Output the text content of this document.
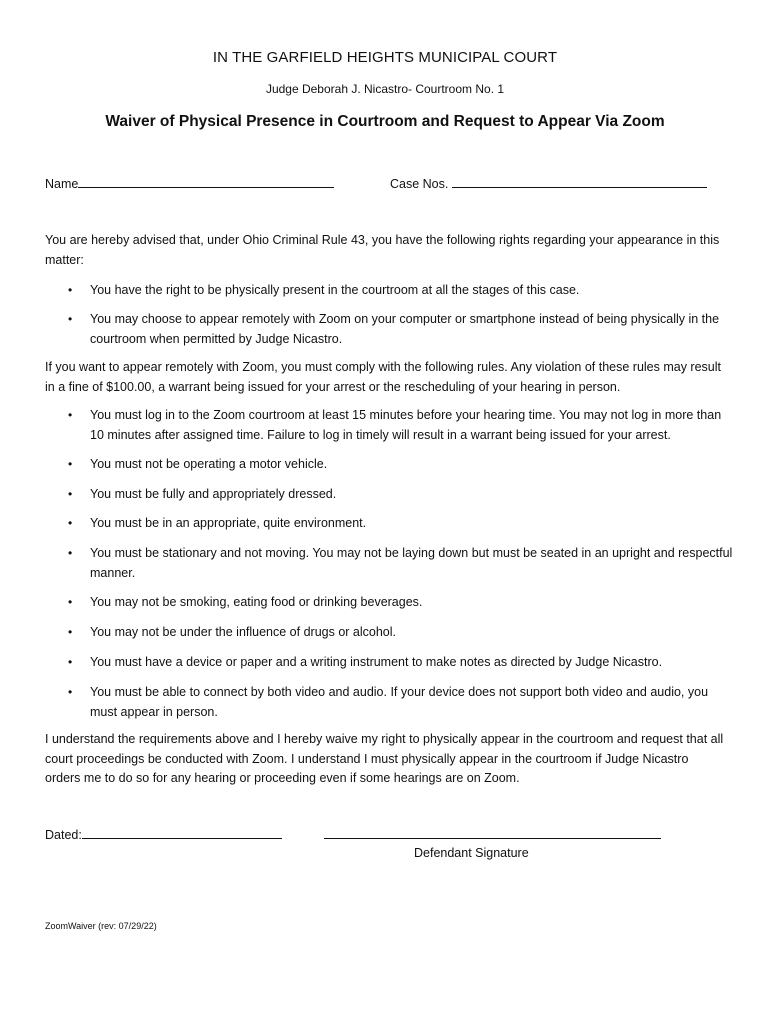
IN THE GARFIELD HEIGHTS MUNICIPAL COURT
Judge Deborah J. Nicastro- Courtroom No. 1
Waiver of Physical Presence in Courtroom and Request to Appear Via Zoom
Name	Case Nos.
You are hereby advised that, under Ohio Criminal Rule 43, you have the following rights regarding your appearance in this matter:
•	You have the right to be physically present in the courtroom at all the stages of this case.
•	You may choose to appear remotely with Zoom on your computer or smartphone instead of being physically in the courtroom when permitted by Judge Nicastro.
If you want to appear remotely with Zoom, you must comply with the following rules. Any violation of these rules may result in a fine of $100.00, a warrant being issued for your arrest or the rescheduling of your hearing in person.
•	You must log in to the Zoom courtroom at least 15 minutes before your hearing time. You may not log in more than 10 minutes after assigned time. Failure to log in timely will result in a warrant being issued for your arrest.
•	You must not be operating a motor vehicle.
•	You must be fully and appropriately dressed.
•	You must be in an appropriate, quite environment.
•	You must be stationary and not moving. You may not be laying down but must be seated in an upright and respectful manner.
•	You may not be smoking, eating food or drinking beverages.
•	You may not be under the influence of drugs or alcohol.
•	You must have a device or paper and a writing instrument to make notes as directed by Judge Nicastro.
•	You must be able to connect by both video and audio. If your device does not support both video and audio, you must appear in person.
I understand the requirements above and I hereby waive my right to physically appear in the courtroom and request that all court proceedings be conducted with Zoom. I understand I must physically appear in the courtroom if Judge Nicastro orders me to do so for any hearing or proceeding even if some hearings are on Zoom.
Dated:
Defendant Signature
ZoomWaiver (rev: 07/29/22)
